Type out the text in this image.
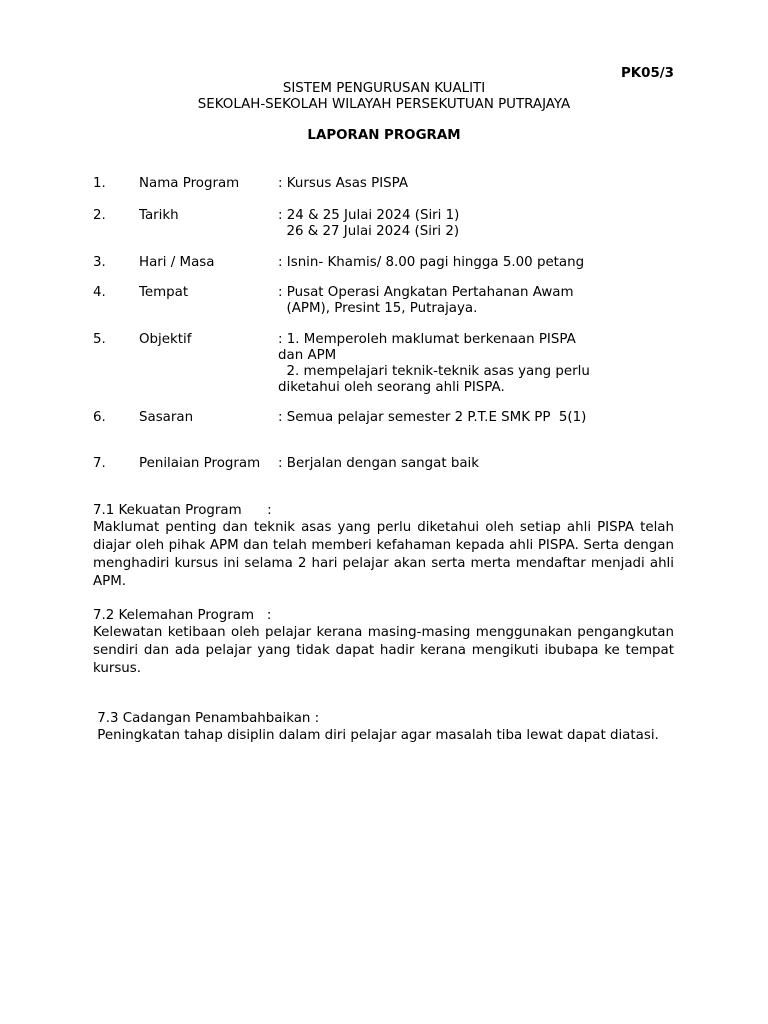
PK05/3
SISTEM PENGURUSAN KUALITI
SEKOLAH-SEKOLAH WILAYAH PERSEKUTUAN PUTRAJAYA
LAPORAN PROGRAM
1. Nama Program	: Kursus Asas PISPA
2. Tarikh	: 24 & 25 Julai 2024 (Siri 1)
26 & 27 Julai 2024 (Siri 2)
3. Hari / Masa	: Isnin- Khamis/ 8.00 pagi hingga 5.00 petang
4. Tempat	: Pusat Operasi Angkatan Pertahanan Awam
(APM), Presint 15, Putrajaya.
5. Objektif	: 1. Memperoleh maklumat berkenaan PISPA
dan APM
2. mempelajari teknik-teknik asas yang perlu
diketahui oleh seorang ahli PISPA.
6. Sasaran	: Semua pelajar semester 2 P.T.E SMK PP  5(1)
7. Penilaian Program : Berjalan dengan sangat baik
7.1 Kekuatan Program      :
Maklumat penting dan teknik asas yang perlu diketahui oleh setiap ahli PISPA telah diajar oleh pihak APM dan telah memberi kefahaman kepada ahli PISPA. Serta dengan menghadiri kursus ini selama 2 hari pelajar akan serta merta mendaftar menjadi ahli APM.
7.2 Kelemahan Program   :
Kelewatan ketibaan oleh pelajar kerana masing-masing menggunakan pengangkutan sendiri dan ada pelajar yang tidak dapat hadir kerana mengikuti ibubapa ke tempat kursus.
7.3 Cadangan Penambahbaikan :
Peningkatan tahap disiplin dalam diri pelajar agar masalah tiba lewat dapat diatasi.
